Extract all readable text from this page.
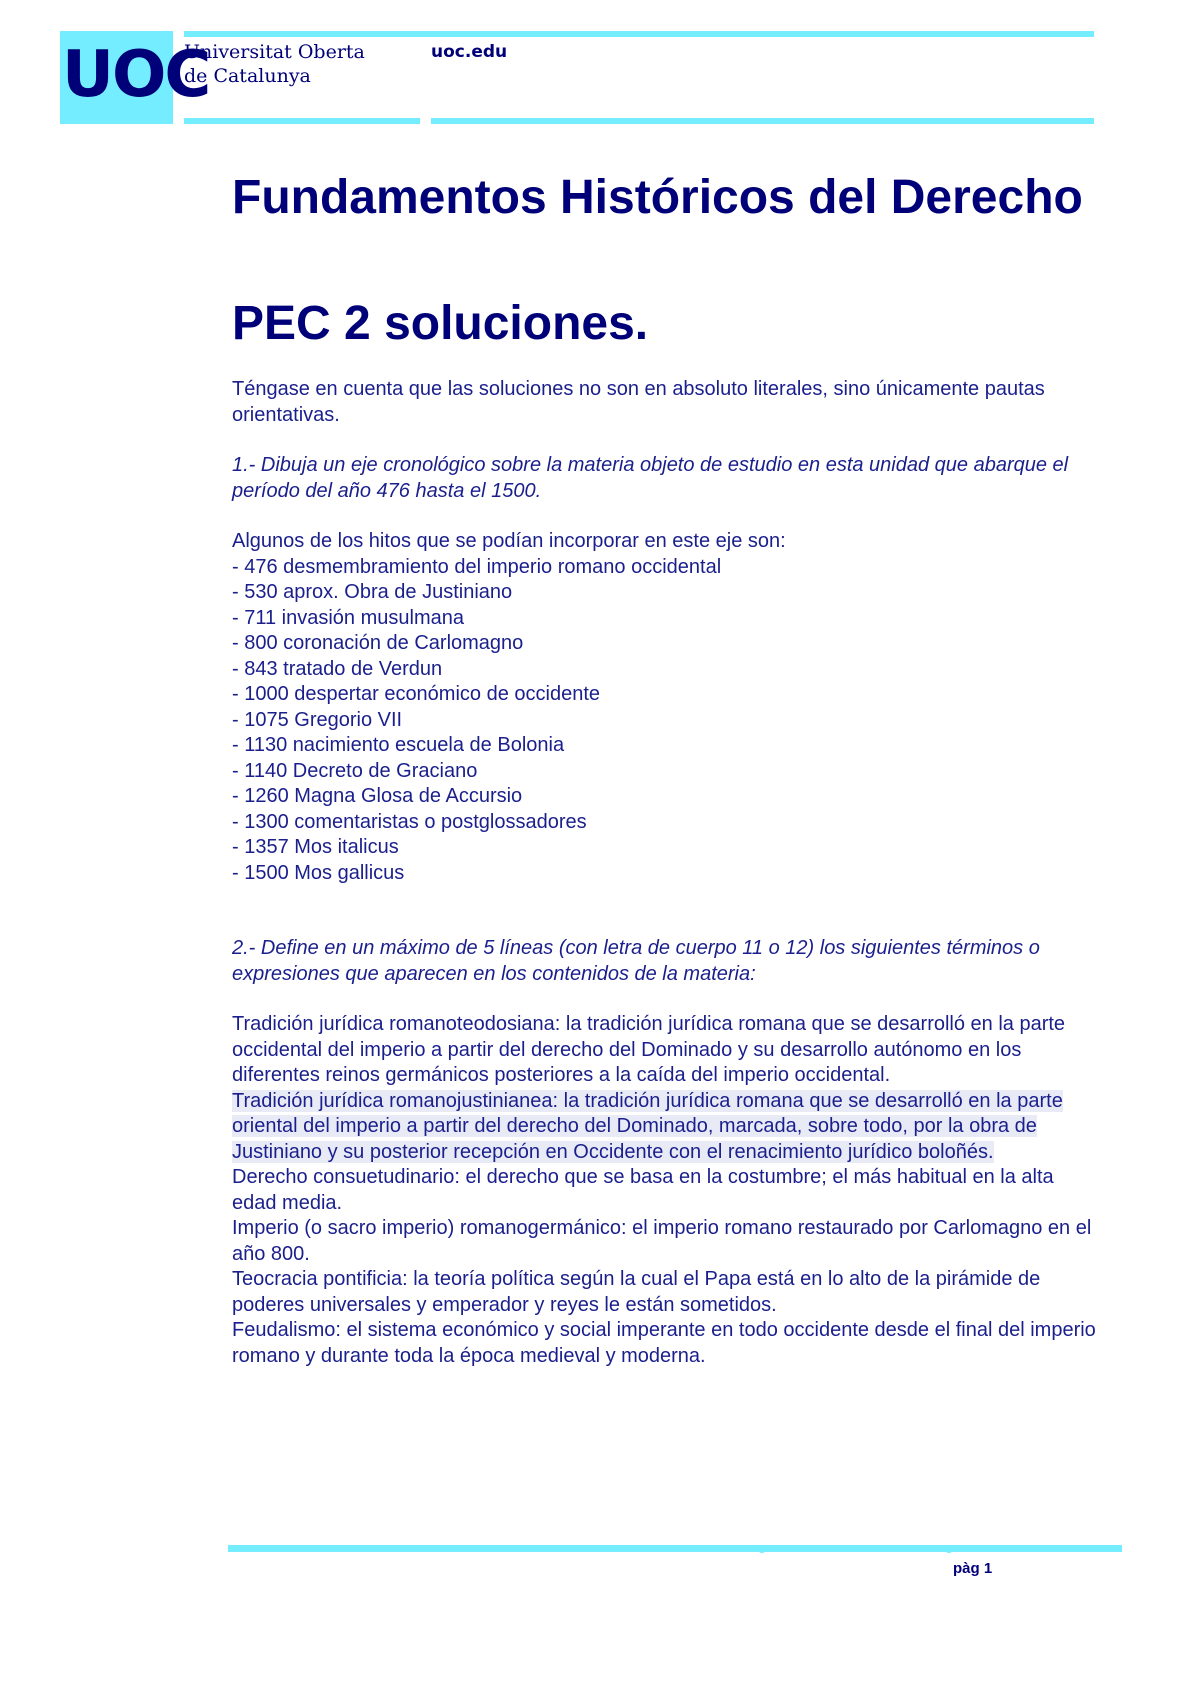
UOC
Universitat Oberta
de Catalunya
uoc.edu
Fundamentos Históricos del Derecho
PEC 2 soluciones.

Téngase en cuenta que las soluciones no son en absoluto literales, sino únicamente pautas orientativas.

1.- Dibuja un eje cronológico sobre la materia objeto de estudio en esta unidad que abarque el período del año 476 hasta el 1500.

Algunos de los hitos que se podían incorporar en este eje son:

- 476 desmembramiento del imperio romano occidental

- 530 aprox. Obra de Justiniano

- 711 invasión musulmana

- 800 coronación de Carlomagno

- 843 tratado de Verdun

- 1000 despertar económico de occidente

- 1075 Gregorio VII

- 1130 nacimiento escuela de Bolonia

- 1140 Decreto de Graciano

- 1260 Magna Glosa de Accursio

- 1300 comentaristas o postglossadores

- 1357 Mos italicus

- 1500 Mos gallicus

2.- Define en un máximo de 5 líneas (con letra de cuerpo 11 o 12) los siguientes términos o expresiones que aparecen en los contenidos de la materia:

Tradición jurídica romanoteodosiana: la tradición jurídica romana que se desarrolló en la parte occidental del imperio a partir del derecho del Dominado y su desarrollo autónomo en los diferentes reinos germánicos posteriores a la caída del imperio occidental.

Tradición jurídica romanojustinianea: la tradición jurídica romana que se desarrolló en la parte oriental del imperio a partir del derecho del Dominado, marcada, sobre todo, por la obra de Justiniano y su posterior recepción en Occidente con el renacimiento jurídico boloñés.

Derecho consuetudinario: el derecho que se basa en la costumbre; el más habitual en la alta edad media.

Imperio (o sacro imperio) romanogermánico: el imperio romano restaurado por Carlomagno en el año 800.

Teocracia pontificia: la teoría política según la cual el Papa está en lo alto de la pirámide de poderes universales y emperador y reyes le están sometidos.

Feudalismo: el sistema económico y social imperante en todo occidente desde el final del imperio romano y durante toda la época medieval y moderna.

pàg 1
